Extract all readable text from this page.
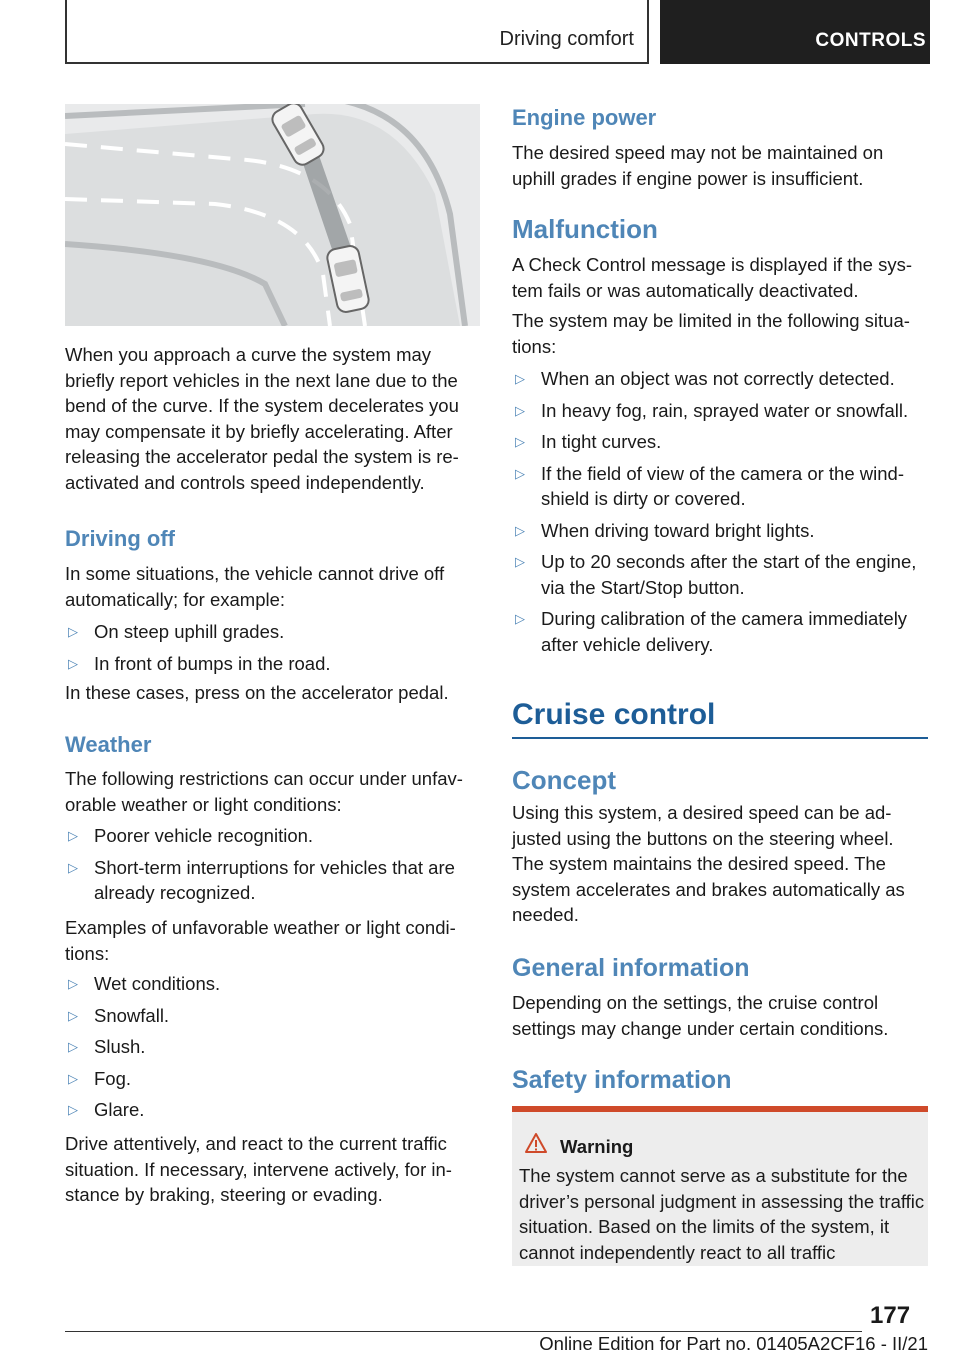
Driving comfort	CONTROLS

When you approach a curve the system may briefly report vehicles in the next lane due to the bend of the curve. If the system decelerates you may compensate it by briefly accelerating. After releasing the accelerator pedal the system is reactivated and controls speed independently.

Driving off

In some situations, the vehicle cannot drive off automatically; for example:

▷ On steep uphill grades.
▷ In front of bumps in the road.

In these cases, press on the accelerator pedal.

Weather

The following restrictions can occur under unfavorable weather or light conditions:

▷ Poorer vehicle recognition.
▷ Short-term interruptions for vehicles that are already recognized.

Examples of unfavorable weather or light conditions:

▷ Wet conditions.
▷ Snowfall.
▷ Slush.
▷ Fog.
▷ Glare.

Drive attentively, and react to the current traffic situation. If necessary, intervene actively, for instance by braking, steering or evading.

Engine power

The desired speed may not be maintained on uphill grades if engine power is insufficient.

Malfunction

A Check Control message is displayed if the system fails or was automatically deactivated.

The system may be limited in the following situations:

▷ When an object was not correctly detected.
▷ In heavy fog, rain, sprayed water or snowfall.
▷ In tight curves.
▷ If the field of view of the camera or the windshield is dirty or covered.
▷ When driving toward bright lights.
▷ Up to 20 seconds after the start of the engine, via the Start/Stop button.
▷ During calibration of the camera immediately after vehicle delivery.
Cruise control
Concept

Using this system, a desired speed can be adjusted using the buttons on the steering wheel. The system maintains the desired speed. The system accelerates and brakes automatically as needed.

General information

Depending on the settings, the cruise control settings may change under certain conditions.

Safety information
Warning

The system cannot serve as a substitute for the driver’s personal judgment in assessing the traffic situation. Based on the limits of the system, it cannot independently react to all traffic

177
Online Edition for Part no. 01405A2CF16 - II/21
